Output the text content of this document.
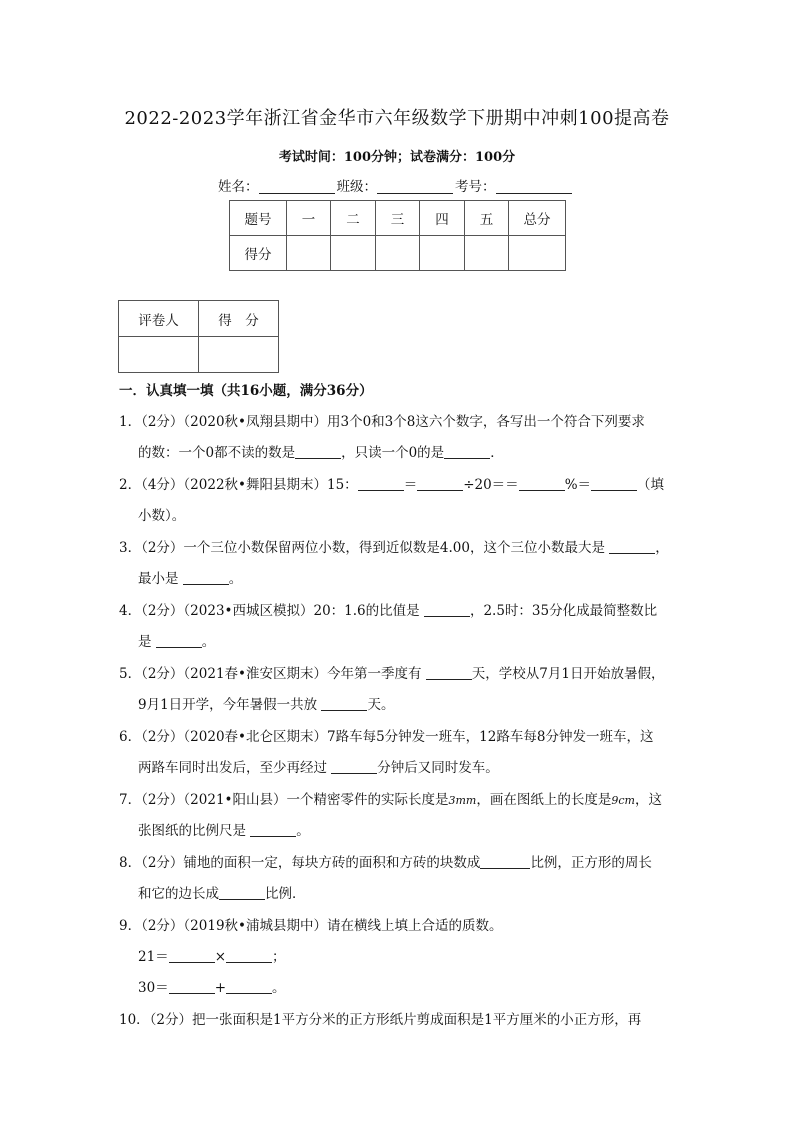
2022-2023学年浙江省金华市六年级数学下册期中冲刺100提高卷
考试时间：100分钟；试卷满分：100分
姓名：	班级：	考号：
题号	一	二	三	四	五	总分
得分						
评卷人	得　分

一．认真填一填（共16小题，满分36分）
1．（2分）（2020秋•凤翔县期中）用3个0和3个8这六个数字，各写出一个符合下列要求
的数：一个0都不读的数是	，只读一个0的是	．
2．（4分）（2022秋•舞阳县期末）15：	＝	÷20＝＝	%＝	（填
小数）。
3．（2分）一个三位小数保留两位小数，得到近似数是4.00，这个三位小数最大是	，
最小是	。
4．（2分）（2023•西城区模拟）20：1.6的比值是	，2.5时：35分化成最简整数比
是	。
5．（2分）（2021春•淮安区期末）今年第一季度有	天，学校从7月1日开始放暑假，
9月1日开学，今年暑假一共放	天。
6．（2分）（2020春•北仑区期末）7路车每5分钟发一班车，12路车每8分钟发一班车，这
两路车同时出发后，至少再经过	分钟后又同时发车。
7．（2分）（2021•阳山县）一个精密零件的实际长度是3mm，画在图纸上的长度是9cm，这
张图纸的比例尺是	。
8．（2分）铺地的面积一定，每块方砖的面积和方砖的块数成	比例，正方形的周长
和它的边长成	比例．
9．（2分）（2019秋•浦城县期中）请在横线上填上合适的质数。
21＝	×	；
30＝	+	。
10．（2分）把一张面积是1平方分米的正方形纸片剪成面积是1平方厘米的小正方形，再
